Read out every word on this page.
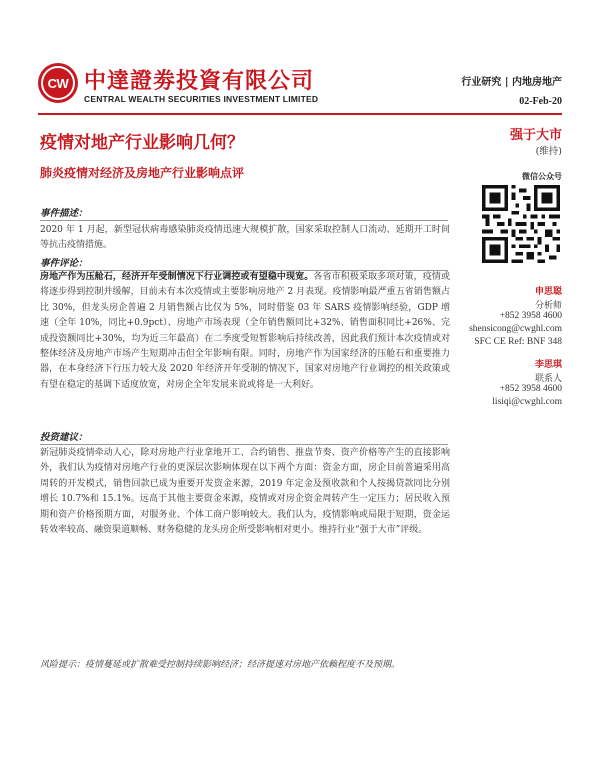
CW 中達證劵投資有限公司
CENTRAL WEALTH SECURITIES INVESTMENT LIMITED
行业研究 | 内地房地产
02-Feb-20
疫情对地产行业影响几何？
肺炎疫情对经济及房地产行业影响点评
事件描述：
2020 年 1 月起，新型冠状病毒感染肺炎疫情迅速大规模扩散，国家采取控制人口流动、延期开工时间等抗击疫情措施。
事件评论：
房地产作为压舱石，经济开年受制情况下行业调控或有望稳中现宽。各省市积极采取多项对策，疫情或将逐步得到控制并缓解，目前未有本次疫情或主要影响房地产 2 月表现。疫情影响最严重五省销售额占比 30%，但龙头房企普遍 2 月销售额占比仅为 5%，同时借鉴 03 年 SARS 疫情影响经验，GDP 增速（全年 10%，同比+0.9pct）、房地产市场表现（全年销售额同比+32%、销售面积同比+26%、完成投资额同比+30%，均为近三年最高）在二季度受短暂影响后持续改善，因此我们预计本次疫情或对整体经济及房地产市场产生短期冲击但全年影响有限。同时，房地产作为国家经济的压舱石和重要推力器，在本身经济下行压力较大及 2020 年经济开年受制的情况下，国家对房地产行业调控的相关政策或有望在稳定的基调下适度放宽，对房企全年发展来说或将是一大利好。
投资建议：
新冠肺炎疫情牵动人心，除对房地产行业拿地开工、合约销售、推盘节奏、资产价格等产生的直接影响外，我们认为疫情对房地产行业的更深层次影响体现在以下两个方面：资金方面，房企目前普遍采用高周转的开发模式，销售回款已成为重要开发资金来源，2019 年定金及预收款和个人按揭贷款同比分别增长 10.7%和 15.1%。远高于其他主要资金来源，疫情或对房企资金周转产生一定压力；居民收入预期和资产价格预期方面，对服务业、个体工商户影响较大。我们认为，疫情影响或局限于短期，资金运转效率较高、融资渠道顺畅、财务稳健的龙头房企所受影响相对更小。维持行业“强于大市”评级。
风险提示：疫情蔓延或扩散难受控制持续影响经济；经济提速对房地产依赖程度不及预期。
强于大市
(维持)
微信公众号
申思聪
分析师
+852 3958 4600
shensicong@cwghl.com
SFC CE Ref: BNF 348
李思琪
联系人
+852 3958 4600
lisiqi@cwghl.com
